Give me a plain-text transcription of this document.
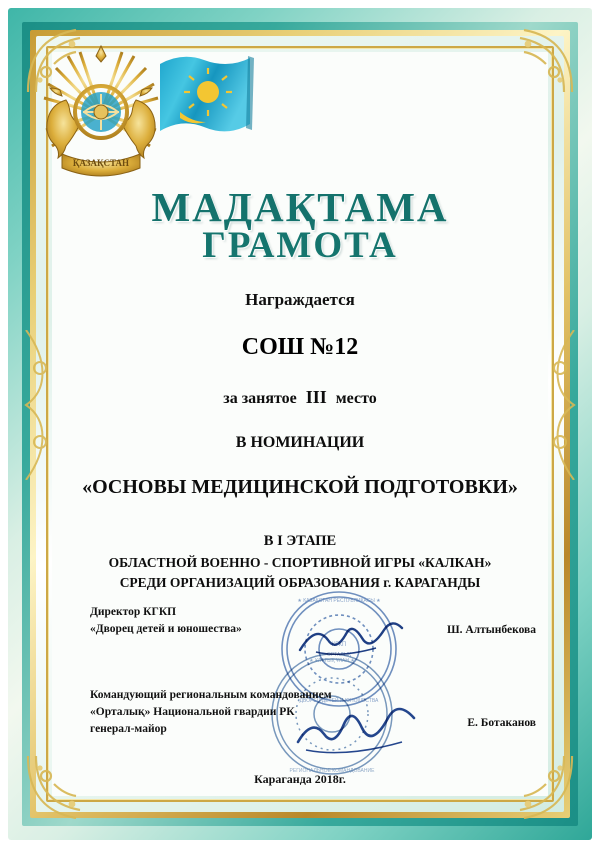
ҚАЗАҚСТАН
МАДАҚТАМА
ГРАМОТА
Награждается
СОШ №12
за занятое III место
В НОМИНАЦИИ
«ОСНОВЫ МЕДИЦИНСКОЙ ПОДГОТОВКИ»
В I ЭТАПЕ
ОБЛАСТНОЙ ВОЕННО - СПОРТИВНОЙ ИГРЫ «КАЛКАН»
СРЕДИ ОРГАНИЗАЦИЙ ОБРАЗОВАНИЯ г. КАРАГАНДЫ
Директор КГКП
«Дворец детей и юношества»	Ш. Алтынбекова
Командующий региональным командованием
«Орталық» Национальной гвардии РК
генерал-майор
Е. Ботаканов
Караганда 2018г.
★ ҚАЗАҚСТАН РЕСПУБЛИКАСЫ ★
ДВОРЕЦ ДЕТЕЙ И ЮНОШЕСТВА
КГКП
ОРТАЛЫҚ
★ ҰЛТТЫҚ ҰЛАН ★
РЕГИОНАЛЬНОЕ КОМАНДОВАНИЕ
